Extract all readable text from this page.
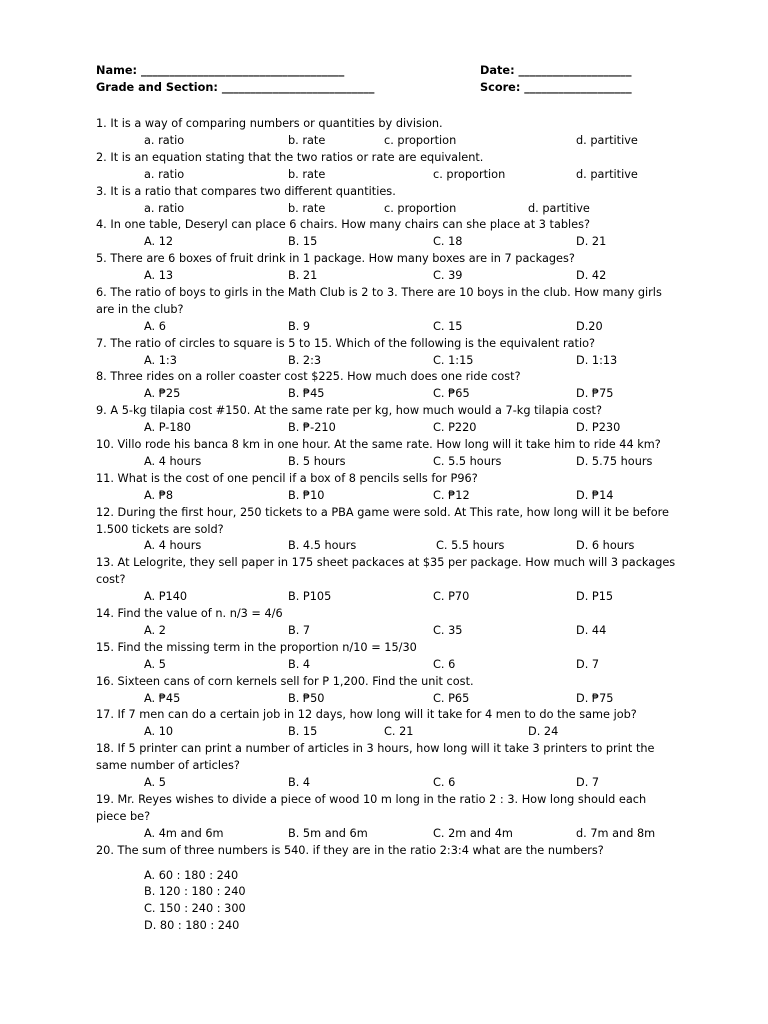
Name: ____________________________________	Date: ____________________
Grade and Section: ___________________________	Score: ___________________
1. It is a way of comparing numbers or quantities by division.
a. ratio	b. rate	c. proportion	d. partitive
2. It is an equation stating that the two ratios or rate are equivalent.
a. ratio	b. rate	c. proportion	d. partitive
3. It is a ratio that compares two different quantities.
a. ratio	b. rate	c. proportion	d. partitive
4. In one table, Deseryl can place 6 chairs. How many chairs can she place at 3 tables?
A. 12	B. 15	C. 18	D. 21
5. There are 6 boxes of fruit drink in 1 package. How many boxes are in 7 packages?
A. 13	B. 21	C. 39	D. 42
6. The ratio of boys to girls in the Math Club is 2 to 3. There are 10 boys in the club. How many girls are in the club?
A. 6	B. 9	C. 15	D.20
7. The ratio of circles to square is 5 to 15. Which of the following is the equivalent ratio?
A. 1:3	B. 2:3	C. 1:15	D. 1:13
8. Three rides on a roller coaster cost $225. How much does one ride cost?
A. ₱25	B. ₱45	C. ₱65	D. ₱75
9. A 5-kg tilapia cost #150. At the same rate per kg, how much would a 7-kg tilapia cost?
A. P-180	B. ₱-210	C. P220	D. P230
10. Villo rode his banca 8 km in one hour. At the same rate. How long will it take him to ride 44 km?
A. 4 hours	B. 5 hours	C. 5.5 hours	D. 5.75 hours
11. What is the cost of one pencil if a box of 8 pencils sells for P96?
A. ₱8	B. ₱10	C. ₱12	D. ₱14
12. During the first hour, 250 tickets to a PBA game were sold. At This rate, how long will it be before 1.500 tickets are sold?
A. 4 hours	B. 4.5 hours	C. 5.5 hours	D. 6 hours
13. At Lelogrite, they sell paper in 175 sheet packaces at $35 per package. How much will 3 packages cost?
A. P140	B. P105	C. P70	D. P15
14. Find the value of n. n/3 = 4/6
A. 2	B. 7	C. 35	D. 44
15. Find the missing term in the proportion n/10 = 15/30
A. 5	B. 4	C. 6	D. 7
16. Sixteen cans of corn kernels sell for P 1,200. Find the unit cost.
A. ₱45	B. ₱50	C. P65	D. ₱75
17. If 7 men can do a certain job in 12 days, how long will it take for 4 men to do the same job?
A. 10	B. 15	C. 21	D. 24
18. If 5 printer can print a number of articles in 3 hours, how long will it take 3 printers to print the same number of articles?
A. 5	B. 4	C. 6	D. 7
19. Mr. Reyes wishes to divide a piece of wood 10 m long in the ratio 2 : 3. How long should each piece be?
A. 4m and 6m	B. 5m and 6m	C. 2m and 4m	d. 7m and 8m
20. The sum of three numbers is 540. if they are in the ratio 2:3:4 what are the numbers?
A. 60 : 180 : 240
B. 120 : 180 : 240
C. 150 : 240 : 300
D. 80 : 180 : 240
